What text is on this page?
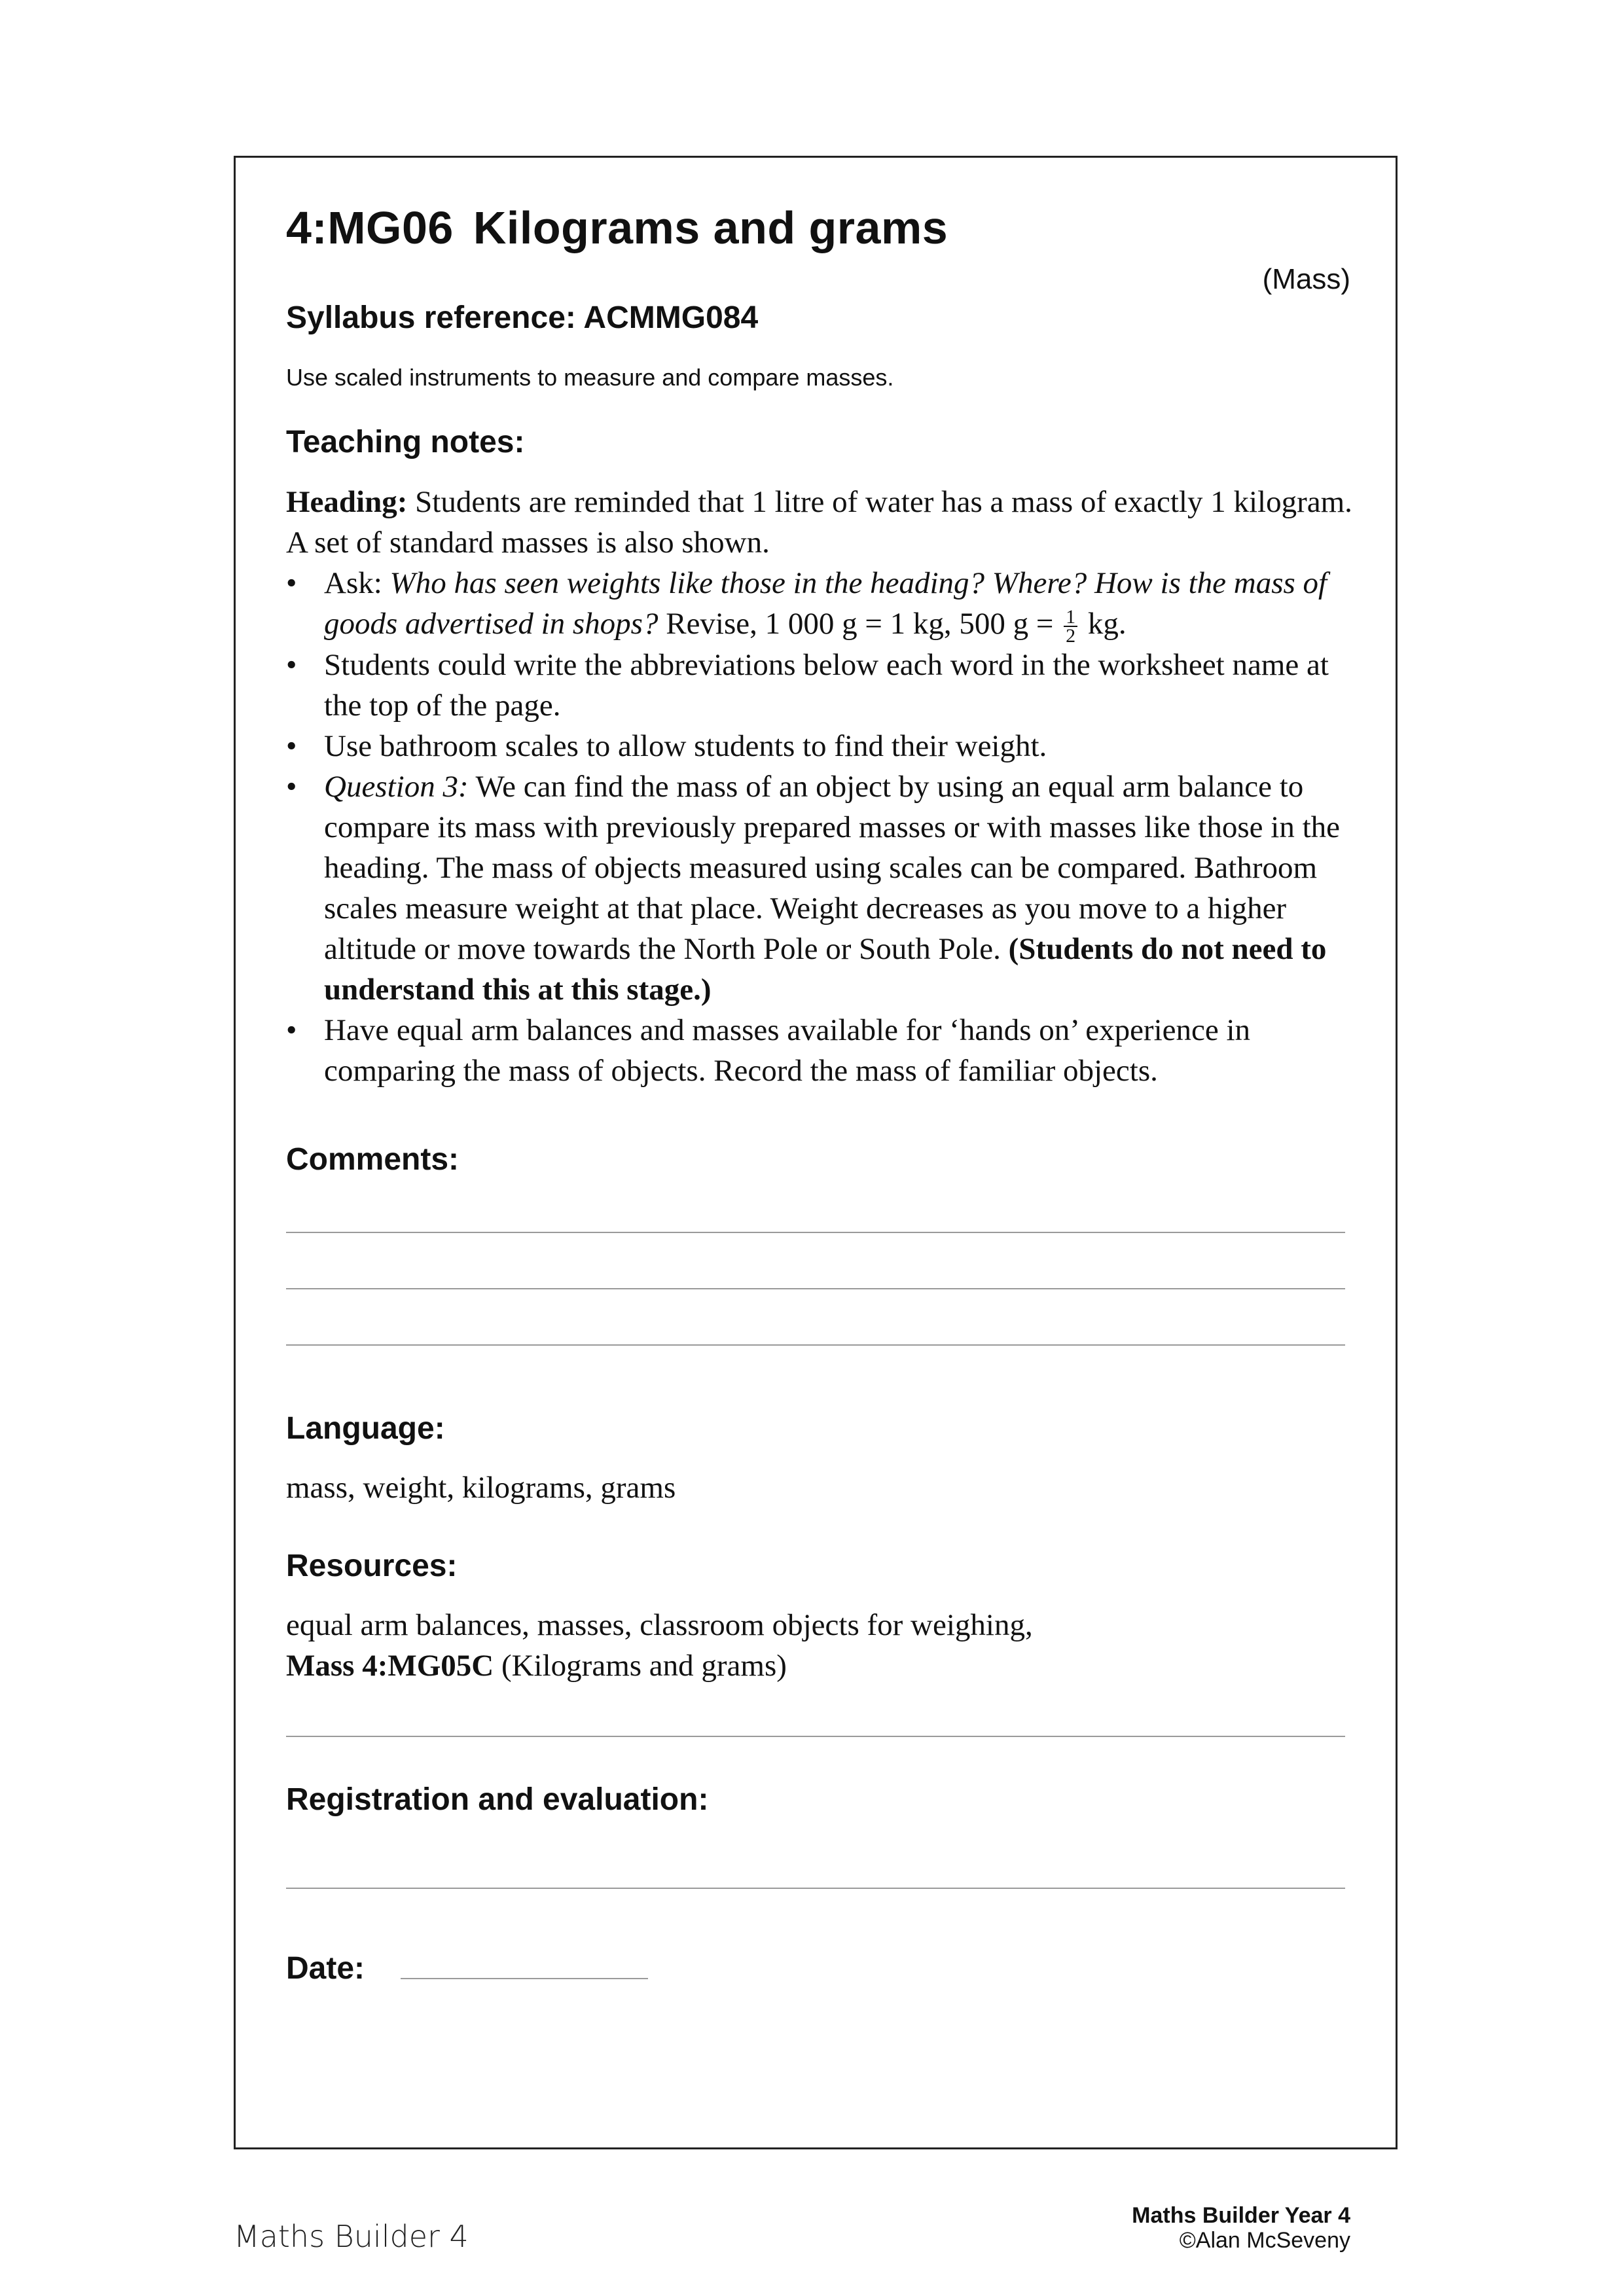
4:MG06 Kilograms and grams
(Mass)
Syllabus reference: ACMMG084
Use scaled instruments to measure and compare masses.
Teaching notes:

Heading: Students are reminded that 1 litre of water has a mass of exactly 1 kilogram. A set of standard masses is also shown.

• Ask: Who has seen weights like those in the heading? Where? How is the mass of goods advertised in shops? Revise, 1 000 g = 1 kg, 500 $g = \frac{1}{2}$ kg.
• Students could write the abbreviations below each word in the worksheet name at the top of the page.
• Use bathroom scales to allow students to find their weight.
• Question 3: We can find the mass of an object by using an equal arm balance to compare its mass with previously prepared masses or with masses like those in the heading. The mass of objects measured using scales can be compared. Bathroom scales measure weight at that place. Weight decreases as you move to a higher altitude or move towards the North Pole or South Pole. (Students do not need to understand this at this stage.)
• Have equal arm balances and masses available for ‘hands on’ experience in comparing the mass of objects. Record the mass of familiar objects.
Comments:
Language:
mass, weight, kilograms, grams
Resources:
equal arm balances, masses, classroom objects for weighing,
Mass 4:MG05C (Kilograms and grams)
Registration and evaluation:
Date:
Maths Builder 4
Maths Builder Year 4
©Alan McSeveny
